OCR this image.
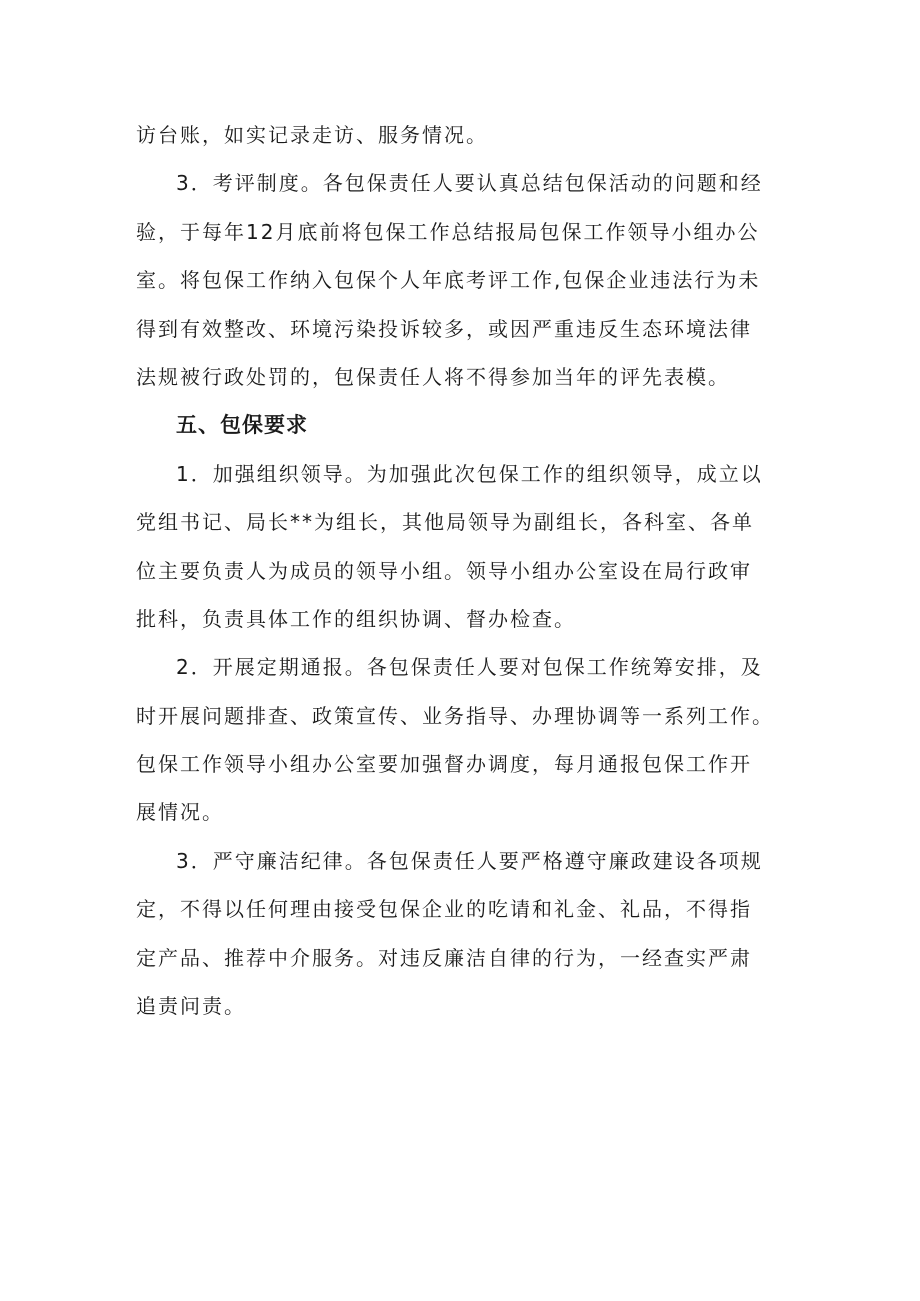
访台账，如实记录走访、服务情况。
3．考评制度。各包保责任人要认真总结包保活动的问题和经
验，于每年12月底前将包保工作总结报局包保工作领导小组办公
室。将包保工作纳入包保个人年底考评工作,包保企业违法行为未
得到有效整改、环境污染投诉较多，或因严重违反生态环境法律
法规被行政处罚的，包保责任人将不得参加当年的评先表模。
五、包保要求
1．加强组织领导。为加强此次包保工作的组织领导，成立以
党组书记、局长**为组长，其他局领导为副组长，各科室、各单
位主要负责人为成员的领导小组。领导小组办公室设在局行政审
批科，负责具体工作的组织协调、督办检查。
2．开展定期通报。各包保责任人要对包保工作统筹安排，及
时开展问题排查、政策宣传、业务指导、办理协调等一系列工作。
包保工作领导小组办公室要加强督办调度，每月通报包保工作开
展情况。
3．严守廉洁纪律。各包保责任人要严格遵守廉政建设各项规
定，不得以任何理由接受包保企业的吃请和礼金、礼品，不得指
定产品、推荐中介服务。对违反廉洁自律的行为，一经查实严肃
追责问责。
